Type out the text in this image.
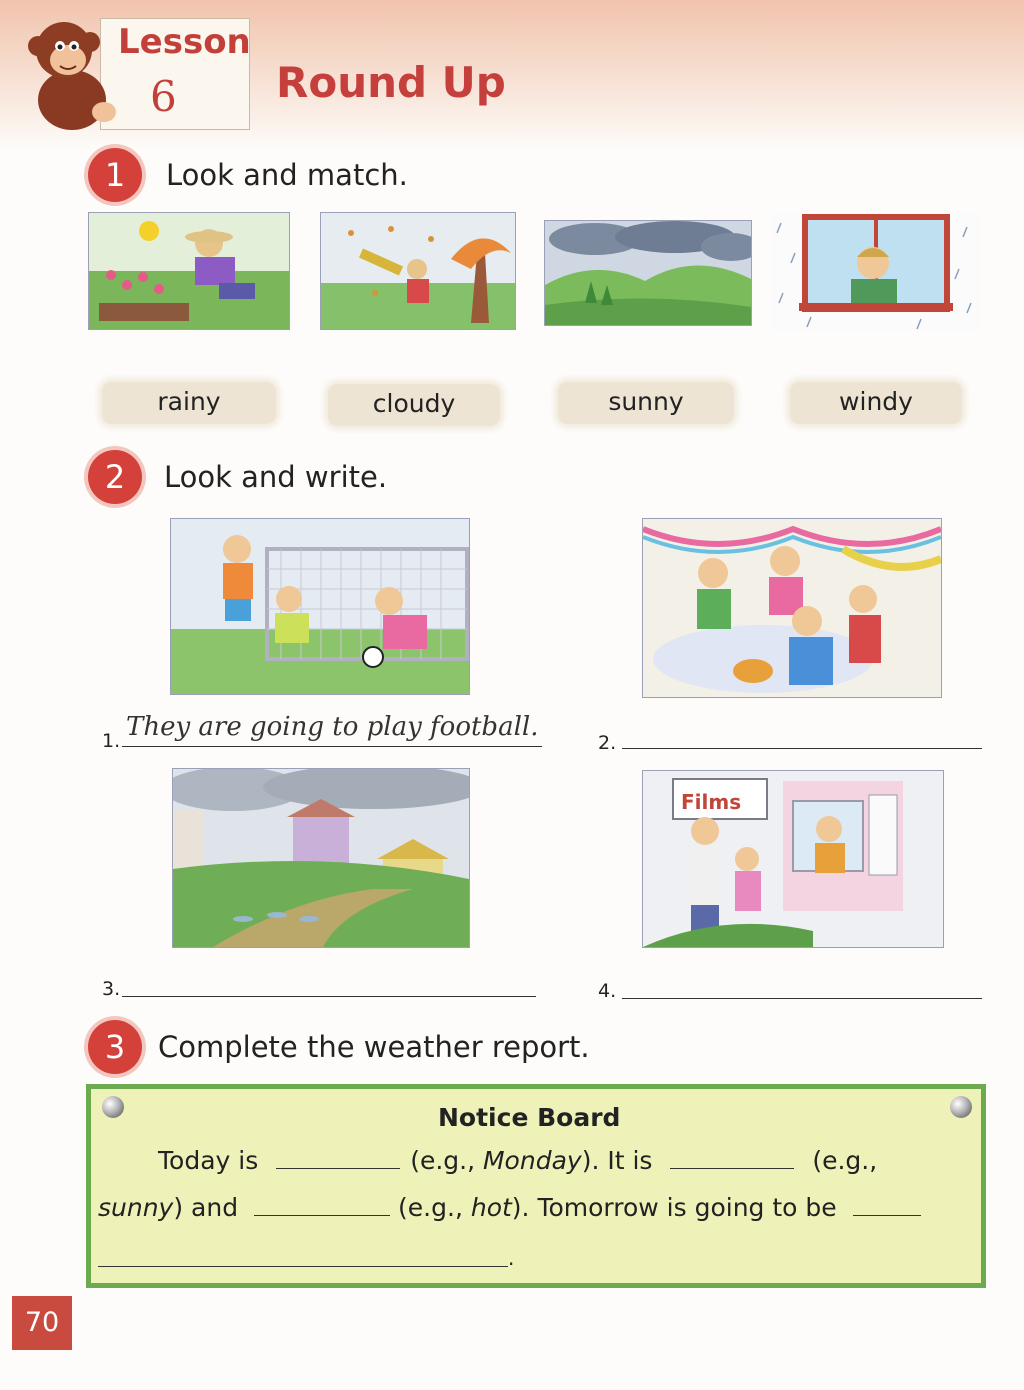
Lesson
6 Round Up
1	Look and match.
rainy	cloudy	sunny	windy
2	Look and write.
1. They are going to play football.
2.
Films
3.	4.
3	Complete the weather report.
Notice Board
Today is	(e.g., Monday). It is	(e.g.,
sunny) and	(e.g., hot). Tomorrow is going to be
.
70
